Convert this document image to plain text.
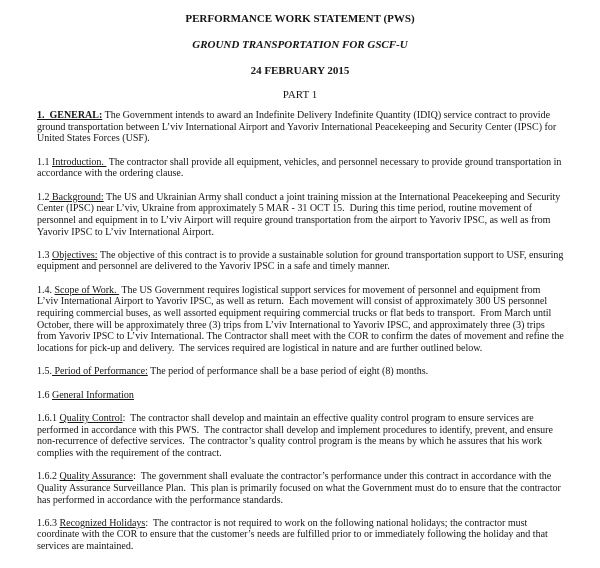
PERFORMANCE WORK STATEMENT (PWS)
GROUND TRANSPORTATION FOR GSCF-U
24 FEBRUARY 2015
PART 1

1.  GENERAL: The Government intends to award an Indefinite Delivery Indefinite Quantity (IDIQ) service contract to provide ground transportation between L’viv International Airport and Yavoriv International Peacekeeping and Security Center (IPSC) for United States Forces (USF).

1.1 Introduction.  The contractor shall provide all equipment, vehicles, and personnel necessary to provide ground transportation in accordance with the ordering clause.

1.2 Background: The US and Ukrainian Army shall conduct a joint training mission at the International Peacekeeping and Security Center (IPSC) near L’viv, Ukraine from approximately 5 MAR - 31 OCT 15.  During this time period, routine movement of personnel and equipment in to L’viv Airport will require ground transportation from the airport to Yavoriv IPSC, as well as from Yavoriv IPSC to L’viv International Airport.

1.3 Objectives: The objective of this contract is to provide a sustainable solution for ground transportation support to USF, ensuring equipment and personnel are delivered to the Yavoriv IPSC in a safe and timely manner.

1.4. Scope of Work.  The US Government requires logistical support services for movement of personnel and equipment from L’viv International Airport to Yavoriv IPSC, as well as return.  Each movement will consist of approximately 300 US personnel requiring commercial buses, as well assorted equipment requiring commercial trucks or flat beds to transport.  From March until October, there will be approximately three (3) trips from L’viv International to Yavoriv IPSC, and approximately three (3) trips from Yavoriv IPSC to L’viv International. The Contractor shall meet with the COR to confirm the dates of movement and refine the locations for pick-up and delivery.  The services required are logistical in nature and are further outlined below.

1.5. Period of Performance: The period of performance shall be a base period of eight (8) months.

1.6 General Information

1.6.1 Quality Control:  The contractor shall develop and maintain an effective quality control program to ensure services are performed in accordance with this PWS.  The contractor shall develop and implement procedures to identify, prevent, and ensure non-recurrence of defective services.  The contractor’s quality control program is the means by which he assures that his work complies with the requirement of the contract.

1.6.2 Quality Assurance:  The government shall evaluate the contractor’s performance under this contract in accordance with the Quality Assurance Surveillance Plan.  This plan is primarily focused on what the Government must do to ensure that the contractor has performed in accordance with the performance standards.

1.6.3 Recognized Holidays:  The contractor is not required to work on the following national holidays; the contractor must coordinate with the COR to ensure that the customer’s needs are fulfilled prior to or immediately following the holiday and that services are maintained.
